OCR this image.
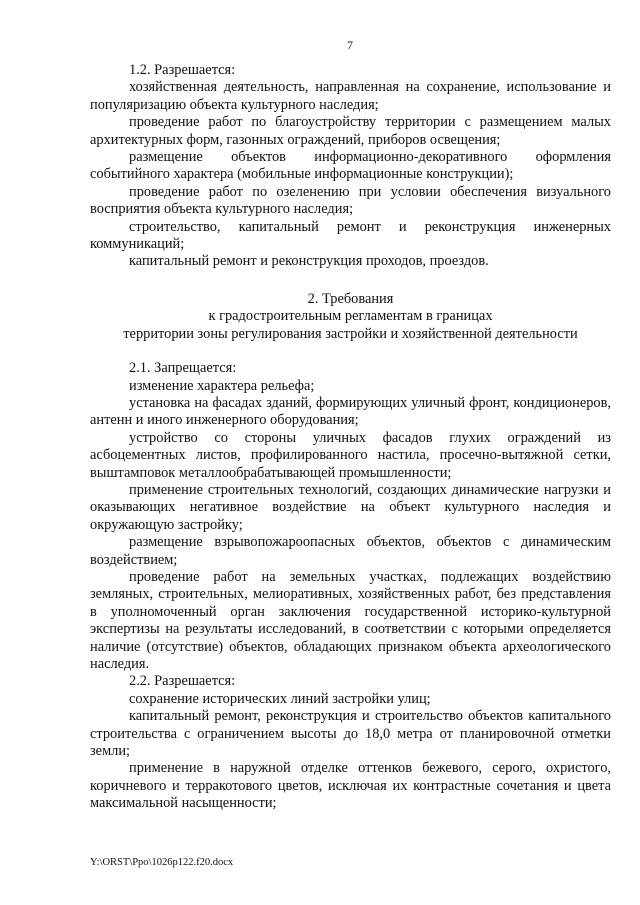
7

1.2. Разрешается:

хозяйственная деятельность, направленная на сохранение, использование и популяризацию объекта культурного наследия;

проведение работ по благоустройству территории с размещением малых архитектурных форм, газонных ограждений, приборов освещения;

размещение объектов информационно-декоративного оформления событийного характера (мобильные информационные конструкции);

проведение работ по озеленению при условии обеспечения визуального восприятия объекта культурного наследия;

строительство, капитальный ремонт и реконструкция инженерных коммуникаций;

капитальный ремонт и реконструкция проходов, проездов.

2. Требования

к градостроительным регламентам в границах

территории зоны регулирования застройки и хозяйственной деятельности

2.1. Запрещается:

изменение характера рельефа;

установка на фасадах зданий, формирующих уличный фронт, кондиционеров, антенн и иного инженерного оборудования;

устройство со стороны уличных фасадов глухих ограждений из асбоцементных листов, профилированного настила, просечно-вытяжной сетки, выштамповок металлообрабатывающей промышленности;

применение строительных технологий, создающих динамические нагрузки и оказывающих негативное воздействие на объект культурного наследия и окружающую застройку;

размещение взрывопожароопасных объектов, объектов с динамическим воздействием;

проведение работ на земельных участках, подлежащих воздействию земляных, строительных, мелиоративных, хозяйственных работ, без представления в уполномоченный орган заключения государственной историко-культурной экспертизы на результаты исследований, в соответствии с которыми определяется наличие (отсутствие) объектов, обладающих признаком объекта археологического наследия.

2.2. Разрешается:

сохранение исторических линий застройки улиц;

капитальный ремонт, реконструкция и строительство объектов капитального строительства с ограничением высоты до 18,0 метра от планировочной отметки земли;

применение в наружной отделке оттенков бежевого, серого, охристого, коричневого и терракотового цветов, исключая их контрастные сочетания и цвета максимальной насыщенности;

Y:\ORST\Ppo\1026p122.f20.docx
